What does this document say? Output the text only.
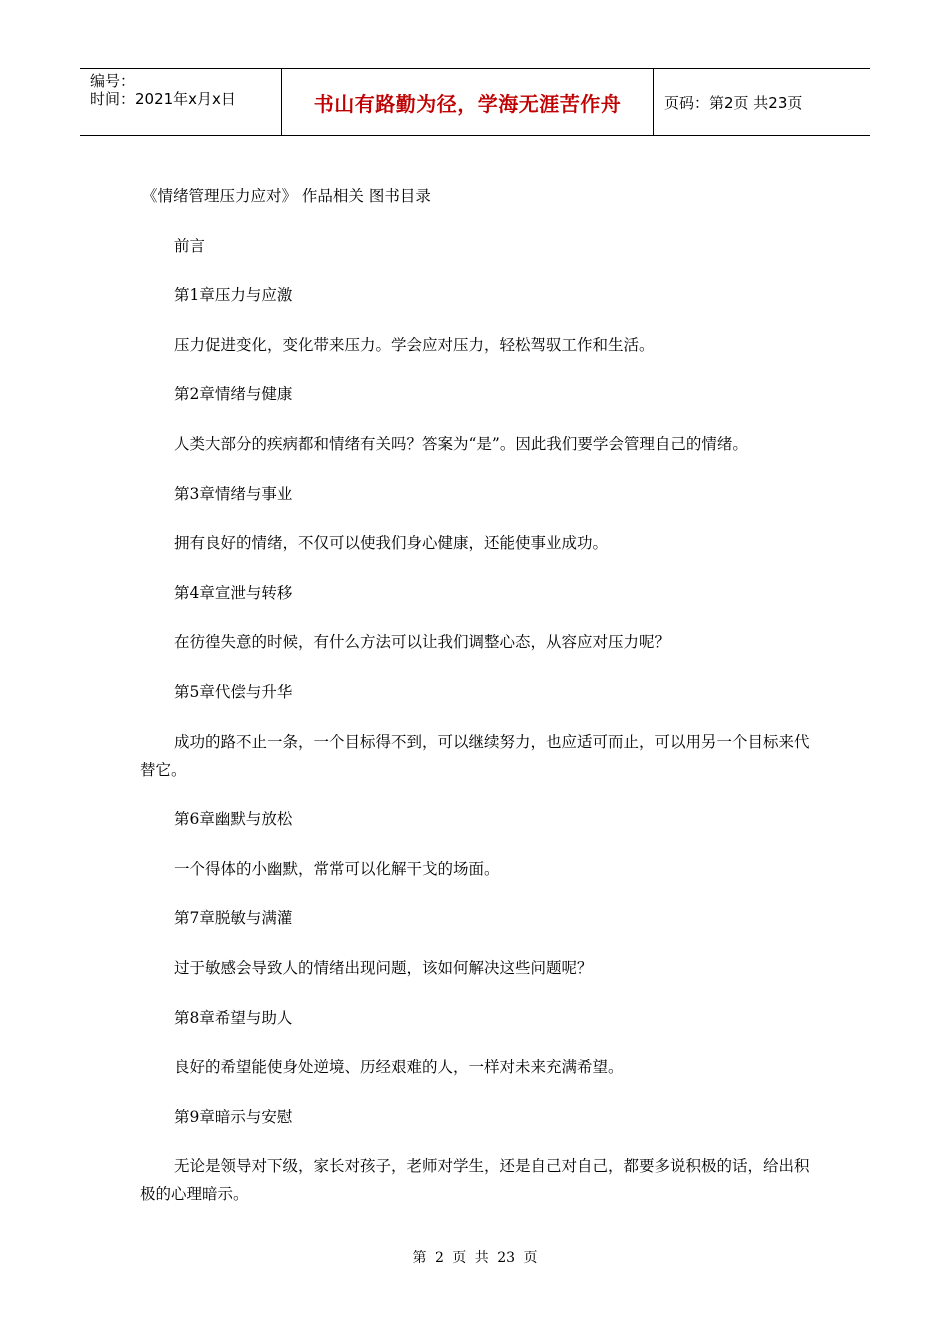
编号：
时间：2021年x月x日	书山有路勤为径，学海无涯苦作舟	页码：第2页 共23页

《情绪管理压力应对》 作品相关 图书目录

前言

第1章压力与应激

压力促进变化，变化带来压力。学会应对压力，轻松驾驭工作和生活。

第2章情绪与健康

人类大部分的疾病都和情绪有关吗？答案为“是”。因此我们要学会管理自己的情绪。

第3章情绪与事业

拥有良好的情绪，不仅可以使我们身心健康，还能使事业成功。

第4章宣泄与转移

在彷徨失意的时候，有什么方法可以让我们调整心态，从容应对压力呢？

第5章代偿与升华

成功的路不止一条，一个目标得不到，可以继续努力，也应适可而止，可以用另一个目标来代替它。

第6章幽默与放松

一个得体的小幽默，常常可以化解干戈的场面。

第7章脱敏与满灌

过于敏感会导致人的情绪出现问题，该如何解决这些问题呢？

第8章希望与助人

良好的希望能使身处逆境、历经艰难的人，一样对未来充满希望。

第9章暗示与安慰

无论是领导对下级，家长对孩子，老师对学生，还是自己对自己，都要多说积极的话，给出积极的心理暗示。

第 2 页 共 23 页
